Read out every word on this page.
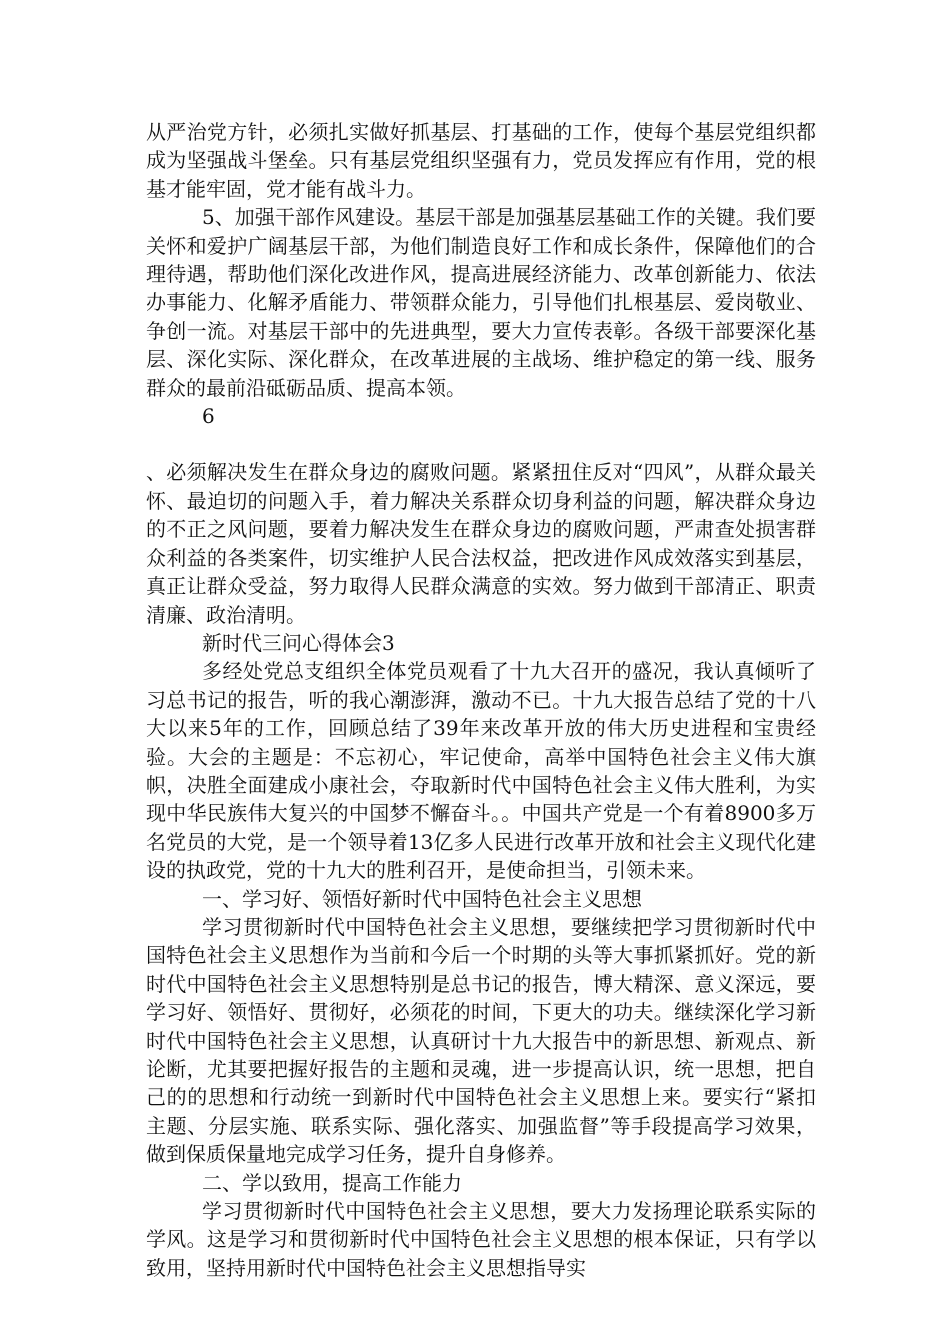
从严治党方针，必须扎实做好抓基层、打基础的工作，使每个基层党组织都成为坚强战斗堡垒。只有基层党组织坚强有力，党员发挥应有作用，党的根基才能牢固，党才能有战斗力。

5、加强干部作风建设。基层干部是加强基层基础工作的关键。我们要关怀和爱护广阔基层干部，为他们制造良好工作和成长条件，保障他们的合理待遇，帮助他们深化改进作风，提高进展经济能力、改革创新能力、依法办事能力、化解矛盾能力、带领群众能力，引导他们扎根基层、爱岗敬业、争创一流。对基层干部中的先进典型，要大力宣传表彰。各级干部要深化基层、深化实际、深化群众，在改革进展的主战场、维护稳定的第一线、服务群众的最前沿砥砺品质、提高本领。

6

、必须解决发生在群众身边的腐败问题。紧紧扭住反对“四风”，从群众最关怀、最迫切的问题入手，着力解决关系群众切身利益的问题，解决群众身边的不正之风问题，要着力解决发生在群众身边的腐败问题，严肃查处损害群众利益的各类案件，切实维护人民合法权益，把改进作风成效落实到基层，真正让群众受益，努力取得人民群众满意的实效。努力做到干部清正、职责清廉、政治清明。

新时代三问心得体会3

多经处党总支组织全体党员观看了十九大召开的盛况，我认真倾听了习总书记的报告，听的我心潮澎湃，激动不已。十九大报告总结了党的十八大以来5年的工作，回顾总结了39年来改革开放的伟大历史进程和宝贵经验。大会的主题是：不忘初心，牢记使命，高举中国特色社会主义伟大旗帜，决胜全面建成小康社会，夺取新时代中国特色社会主义伟大胜利，为实现中华民族伟大复兴的中国梦不懈奋斗。。中国共产党是一个有着8900多万名党员的大党，是一个领导着13亿多人民进行改革开放和社会主义现代化建设的执政党，党的十九大的胜利召开，是使命担当，引领未来。

一、学习好、领悟好新时代中国特色社会主义思想

学习贯彻新时代中国特色社会主义思想，要继续把学习贯彻新时代中国特色社会主义思想作为当前和今后一个时期的头等大事抓紧抓好。党的新时代中国特色社会主义思想特别是总书记的报告，博大精深、意义深远，要学习好、领悟好、贯彻好，必须花的时间，下更大的功夫。继续深化学习新时代中国特色社会主义思想，认真研讨十九大报告中的新思想、新观点、新论断，尤其要把握好报告的主题和灵魂，进一步提高认识，统一思想，把自己的的思想和行动统一到新时代中国特色社会主义思想上来。要实行“紧扣主题、分层实施、联系实际、强化落实、加强监督”等手段提高学习效果，做到保质保量地完成学习任务，提升自身修养。

二、学以致用，提高工作能力

学习贯彻新时代中国特色社会主义思想，要大力发扬理论联系实际的学风。这是学习和贯彻新时代中国特色社会主义思想的根本保证，只有学以致用，坚持用新时代中国特色社会主义思想指导实
